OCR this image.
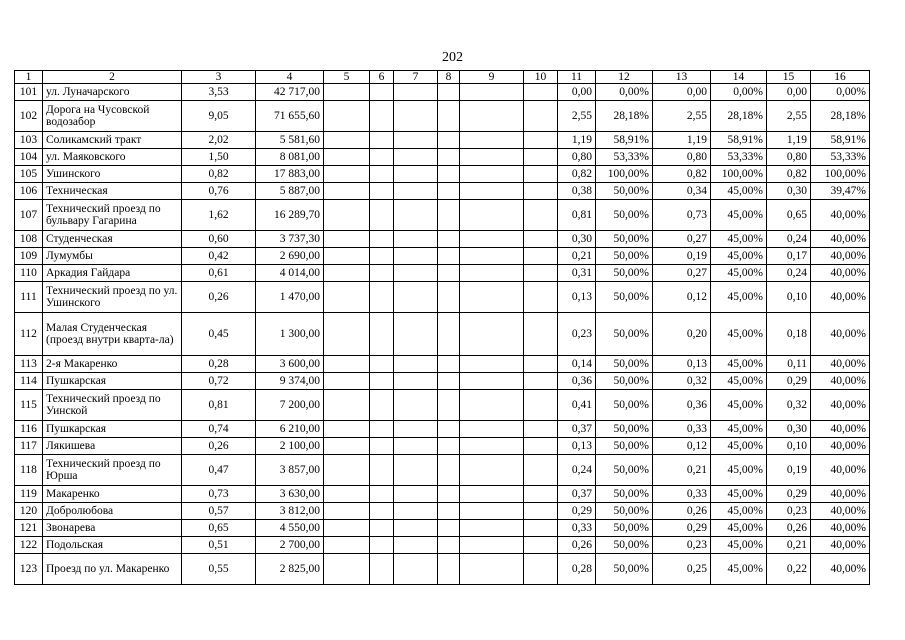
202
1	2	3	4	5	6	7	8	9	10	11	12	13	14	15	16
101	ул. Луначарского	3,53	42 717,00							0,00	0,00%	0,00	0,00%	0,00	0,00%
102	Дорога на Чусовской водозабор	9,05	71 655,60							2,55	28,18%	2,55	28,18%	2,55	28,18%
103	Соликамский тракт	2,02	5 581,60							1,19	58,91%	1,19	58,91%	1,19	58,91%
104	ул. Маяковского	1,50	8 081,00							0,80	53,33%	0,80	53,33%	0,80	53,33%
105	Ушинского	0,82	17 883,00							0,82	100,00%	0,82	100,00%	0,82	100,00%
106	Техническая	0,76	5 887,00							0,38	50,00%	0,34	45,00%	0,30	39,47%
107	Технический проезд по бульвару Гагарина	1,62	16 289,70							0,81	50,00%	0,73	45,00%	0,65	40,00%
108	Студенческая	0,60	3 737,30							0,30	50,00%	0,27	45,00%	0,24	40,00%
109	Лумумбы	0,42	2 690,00							0,21	50,00%	0,19	45,00%	0,17	40,00%
110	Аркадия Гайдара	0,61	4 014,00							0,31	50,00%	0,27	45,00%	0,24	40,00%
111	Технический проезд по ул. Ушинского	0,26	1 470,00							0,13	50,00%	0,12	45,00%	0,10	40,00%
112	Малая Студенческая (проезд внутри кварта-ла)	0,45	1 300,00							0,23	50,00%	0,20	45,00%	0,18	40,00%
113	2-я Макаренко	0,28	3 600,00							0,14	50,00%	0,13	45,00%	0,11	40,00%
114	Пушкарская	0,72	9 374,00							0,36	50,00%	0,32	45,00%	0,29	40,00%
115	Технический проезд по Уинской	0,81	7 200,00							0,41	50,00%	0,36	45,00%	0,32	40,00%
116	Пушкарская	0,74	6 210,00							0,37	50,00%	0,33	45,00%	0,30	40,00%
117	Лякишева	0,26	2 100,00							0,13	50,00%	0,12	45,00%	0,10	40,00%
118	Технический проезд по Юрша	0,47	3 857,00							0,24	50,00%	0,21	45,00%	0,19	40,00%
119	Макаренко	0,73	3 630,00							0,37	50,00%	0,33	45,00%	0,29	40,00%
120	Добролюбова	0,57	3 812,00							0,29	50,00%	0,26	45,00%	0,23	40,00%
121	Звонарева	0,65	4 550,00							0,33	50,00%	0,29	45,00%	0,26	40,00%
122	Подольская	0,51	2 700,00							0,26	50,00%	0,23	45,00%	0,21	40,00%
123	Проезд по ул. Макаренко	0,55	2 825,00							0,28	50,00%	0,25	45,00%	0,22	40,00%
